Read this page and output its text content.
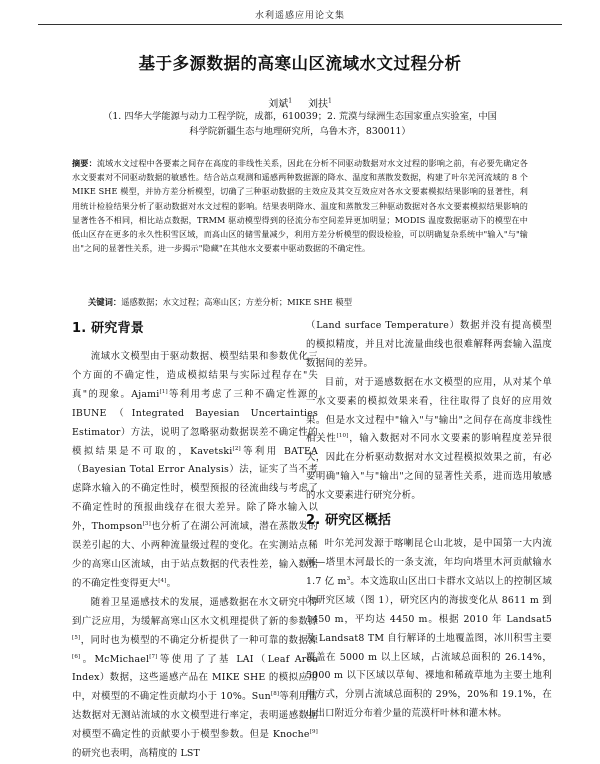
水利遥感应用论文集
基于多源数据的高寒山区流域水文过程分析
刘斌$^1$ 刘扶$^1$
（1. 四华大学能源与动力工程学院，成都，610039；2. 荒漠与绿洲生态国家重点实验室，中国
科学院新疆生态与地理研究所，乌鲁木齐，830011）
摘要：流域水文过程中各要素之间存在高度的非线性关系，因此在分析不同驱动数据对水文过程的影响之前，有必要先确定各水文要素对不同驱动数据的敏感性。结合站点观测和遥感两种数据源的降水、温度和蒸散发数据，构建了叶尔羌河流域的 8 个 MIKE SHE 模型，并协方差分析模型，切确了三种驱动数据的主效应及其交互效应对各水文要素模拟结果影响的显著性，利用统计检验结果分析了驱动数据对水文过程的影响。结果表明降水、温度和蒸散发三种驱动数据对各水文要素模拟结果影响的显著性各不相同，相比站点数据，TRMM 驱动模型得到的径流分布空间差异更加明显；MODIS 温度数据驱动下的模型在中低山区存在更多的永久性积雪区域，而高山区的储雪量减少，利用方差分析模型的假设检验，可以明确复杂系统中"输入"与"输出"之间的显著性关系，进一步揭示"隐藏"在其他水文要素中驱动数据的不确定性。
关键词：遥感数据；水文过程；高寒山区；方差分析；MIKE SHE 模型
1. 研究背景

流域水文模型由于驱动数据、模型结果和参数优化三个方面的不确定性，造成模拟结果与实际过程存在"失真"的现象。Ajami[1]等利用考虑了三种不确定性源的 IBUNE（Integrated Bayesian Uncertainties Estimator）方法，说明了忽略驱动数据误差不确定性的模拟结果是不可取的，Kavetski[2]等利用 BATEA（Bayesian Total Error Analysis）法，证实了当不考虑降水输入的不确定性时，模型预报的径流曲线与考虑了不确定性时的预报曲线存在很大差异。除了降水输入以外，Thompson[3]也分析了在湖公河流域，潜在蒸散发的误差引起的大、小两种流量级过程的变化。在实测站点稀少的高寒山区流域，由于站点数据的代表性差，输入数据的不确定性变得更大[4]。

随着卫星遥感技术的发展，遥感数据在水文研究中得到广泛应用，为缓解高寒山区水文机理提供了新的参数源[5]，同时也为模型的不确定分析提供了一种可靠的数据源[6]。McMichael[7]等使用了了基 LAI（Leaf Area Index）数据，这些遥感产品在 MIKE SHE 的模拟应用中，对模型的不确定性贡献均小于 10%。Sun[8]等利用雷达数据对无测站流域的水文模型进行率定，表明遥感数据对模型不确定性的贡献要小于模型参数。但是 Knoche[9]的研究也表明，高精度的 LST

（Land surface Temperature）数据并没有提高模型的模拟精度，并且对比流量曲线也很难解释两套输入温度数据间的差异。

目前，对于遥感数据在水文模型的应用，从对某个单一水文要素的模拟效果来看，往往取得了良好的应用效果。但是水文过程中"输入"与"输出"之间存在高度非线性相关性[10]，输入数据对不同水文要素的影响程度差异很大，因此在分析驱动数据对水文过程模拟效果之前，有必要明确"输入"与"输出"之间的显著性关系，进而选用敏感的水文要素进行研究分析。

2. 研究区概括

叶尔羌河发源于喀喇昆仑山北坡，是中国第一大内流河—塔里木河最长的一条支流，年均向塔里木河贡献输水 1.7 亿 $m^3$。本文选取山区出口卡群水文站以上的控制区域为研究区域（图 1），研究区内的海拔变化从 8611 m 到 1450 m，平均达 4450 m。根据 2010 年 Landsat5 及 Landsat8 TM 自行解译的土地覆盖图，冰川积雪主要覆盖在 5000 m 以上区域，占流域总面积的 26.14%，5000 m 以下区域以草甸、裸地和稀疏草地为主要土地利用方式，分别占流域总面积的 29%，20%和 19.1%，在山出口附近分布着少量的荒漠杆叶林和灌木林。
